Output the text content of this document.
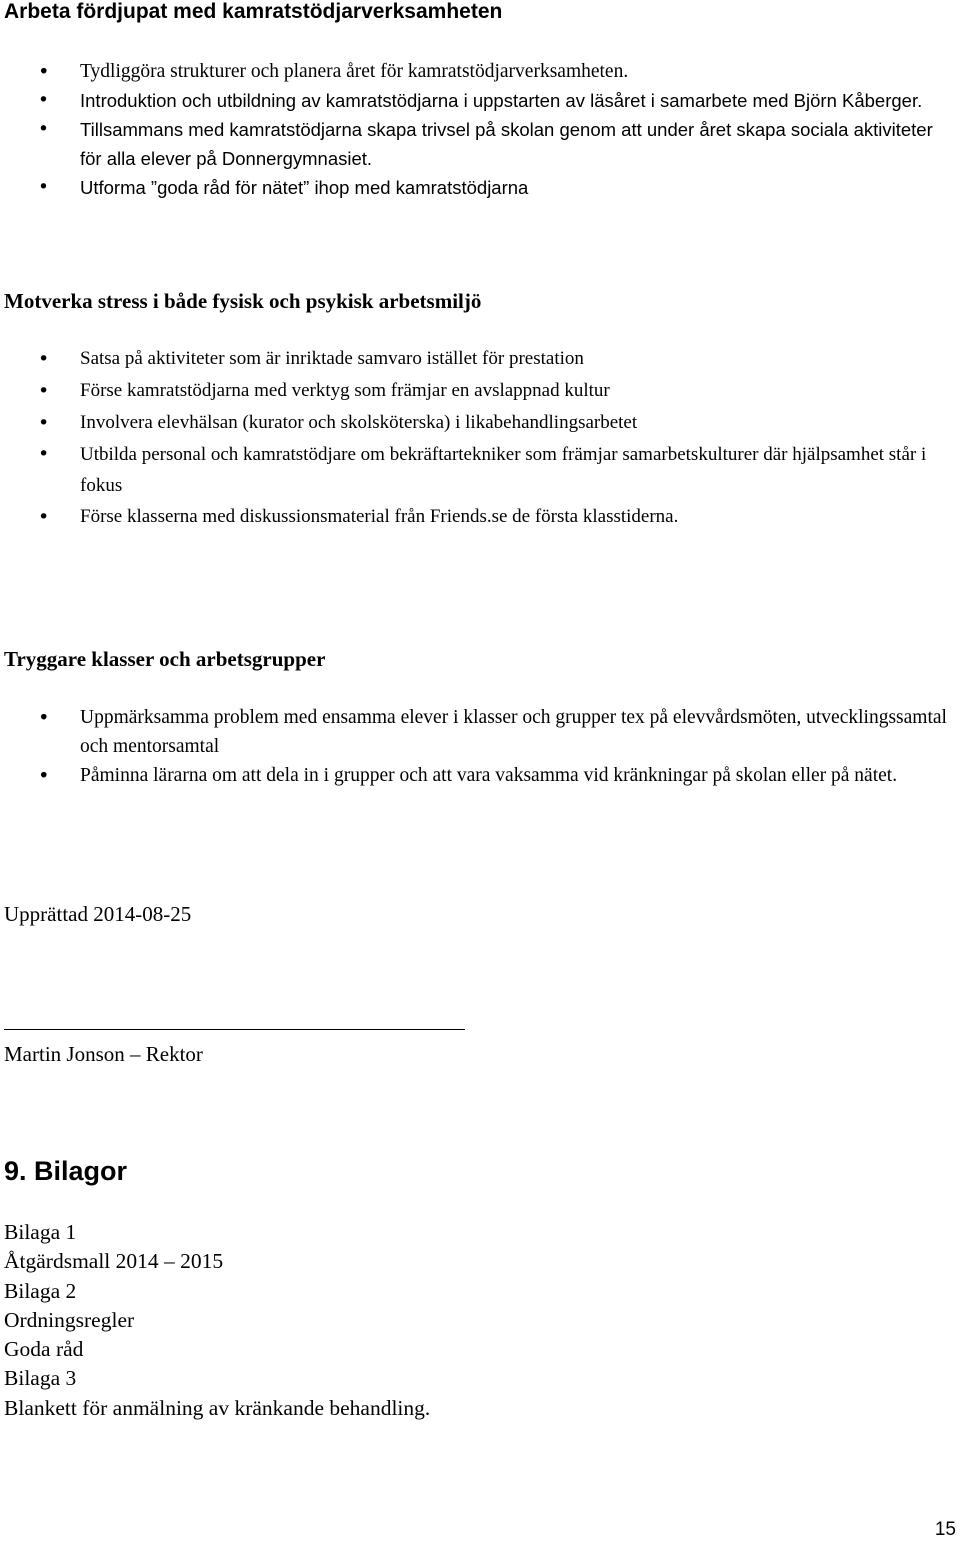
Arbeta fördjupat med kamratstödjarverksamheten
• Tydliggöra strukturer och planera året för kamratstödjarverksamheten.
• Introduktion och utbildning av kamratstödjarna i uppstarten av läsåret i samarbete med Björn Kåberger.
• Tillsammans med kamratstödjarna skapa trivsel på skolan genom att under året skapa sociala aktiviteter för alla elever på Donnergymnasiet.
• Utforma ”goda råd för nätet” ihop med kamratstödjarna
Motverka stress i både fysisk och psykisk arbetsmiljö
• Satsa på aktiviteter som är inriktade samvaro istället för prestation
• Förse kamratstödjarna med verktyg som främjar en avslappnad kultur
• Involvera elevhälsan (kurator och skolsköterska) i likabehandlingsarbetet
• Utbilda personal och kamratstödjare om bekräftartekniker som främjar samarbetskulturer där hjälpsamhet står i fokus
• Förse klasserna med diskussionsmaterial från Friends.se de första klasstiderna.
Tryggare klasser och arbetsgrupper
• Uppmärksamma problem med ensamma elever i klasser och grupper tex på elevvårdsmöten, utvecklingssamtal och mentorsamtal
• Påminna lärarna om att dela in i grupper och att vara vaksamma vid kränkningar på skolan eller på nätet.

Upprättad 2014-08-25

Martin Jonson – Rektor

9. Bilagor
Bilaga 1
Åtgärdsmall 2014 – 2015
Bilaga 2
Ordningsregler
Goda råd
Bilaga 3
Blankett för anmälning av kränkande behandling.
15
